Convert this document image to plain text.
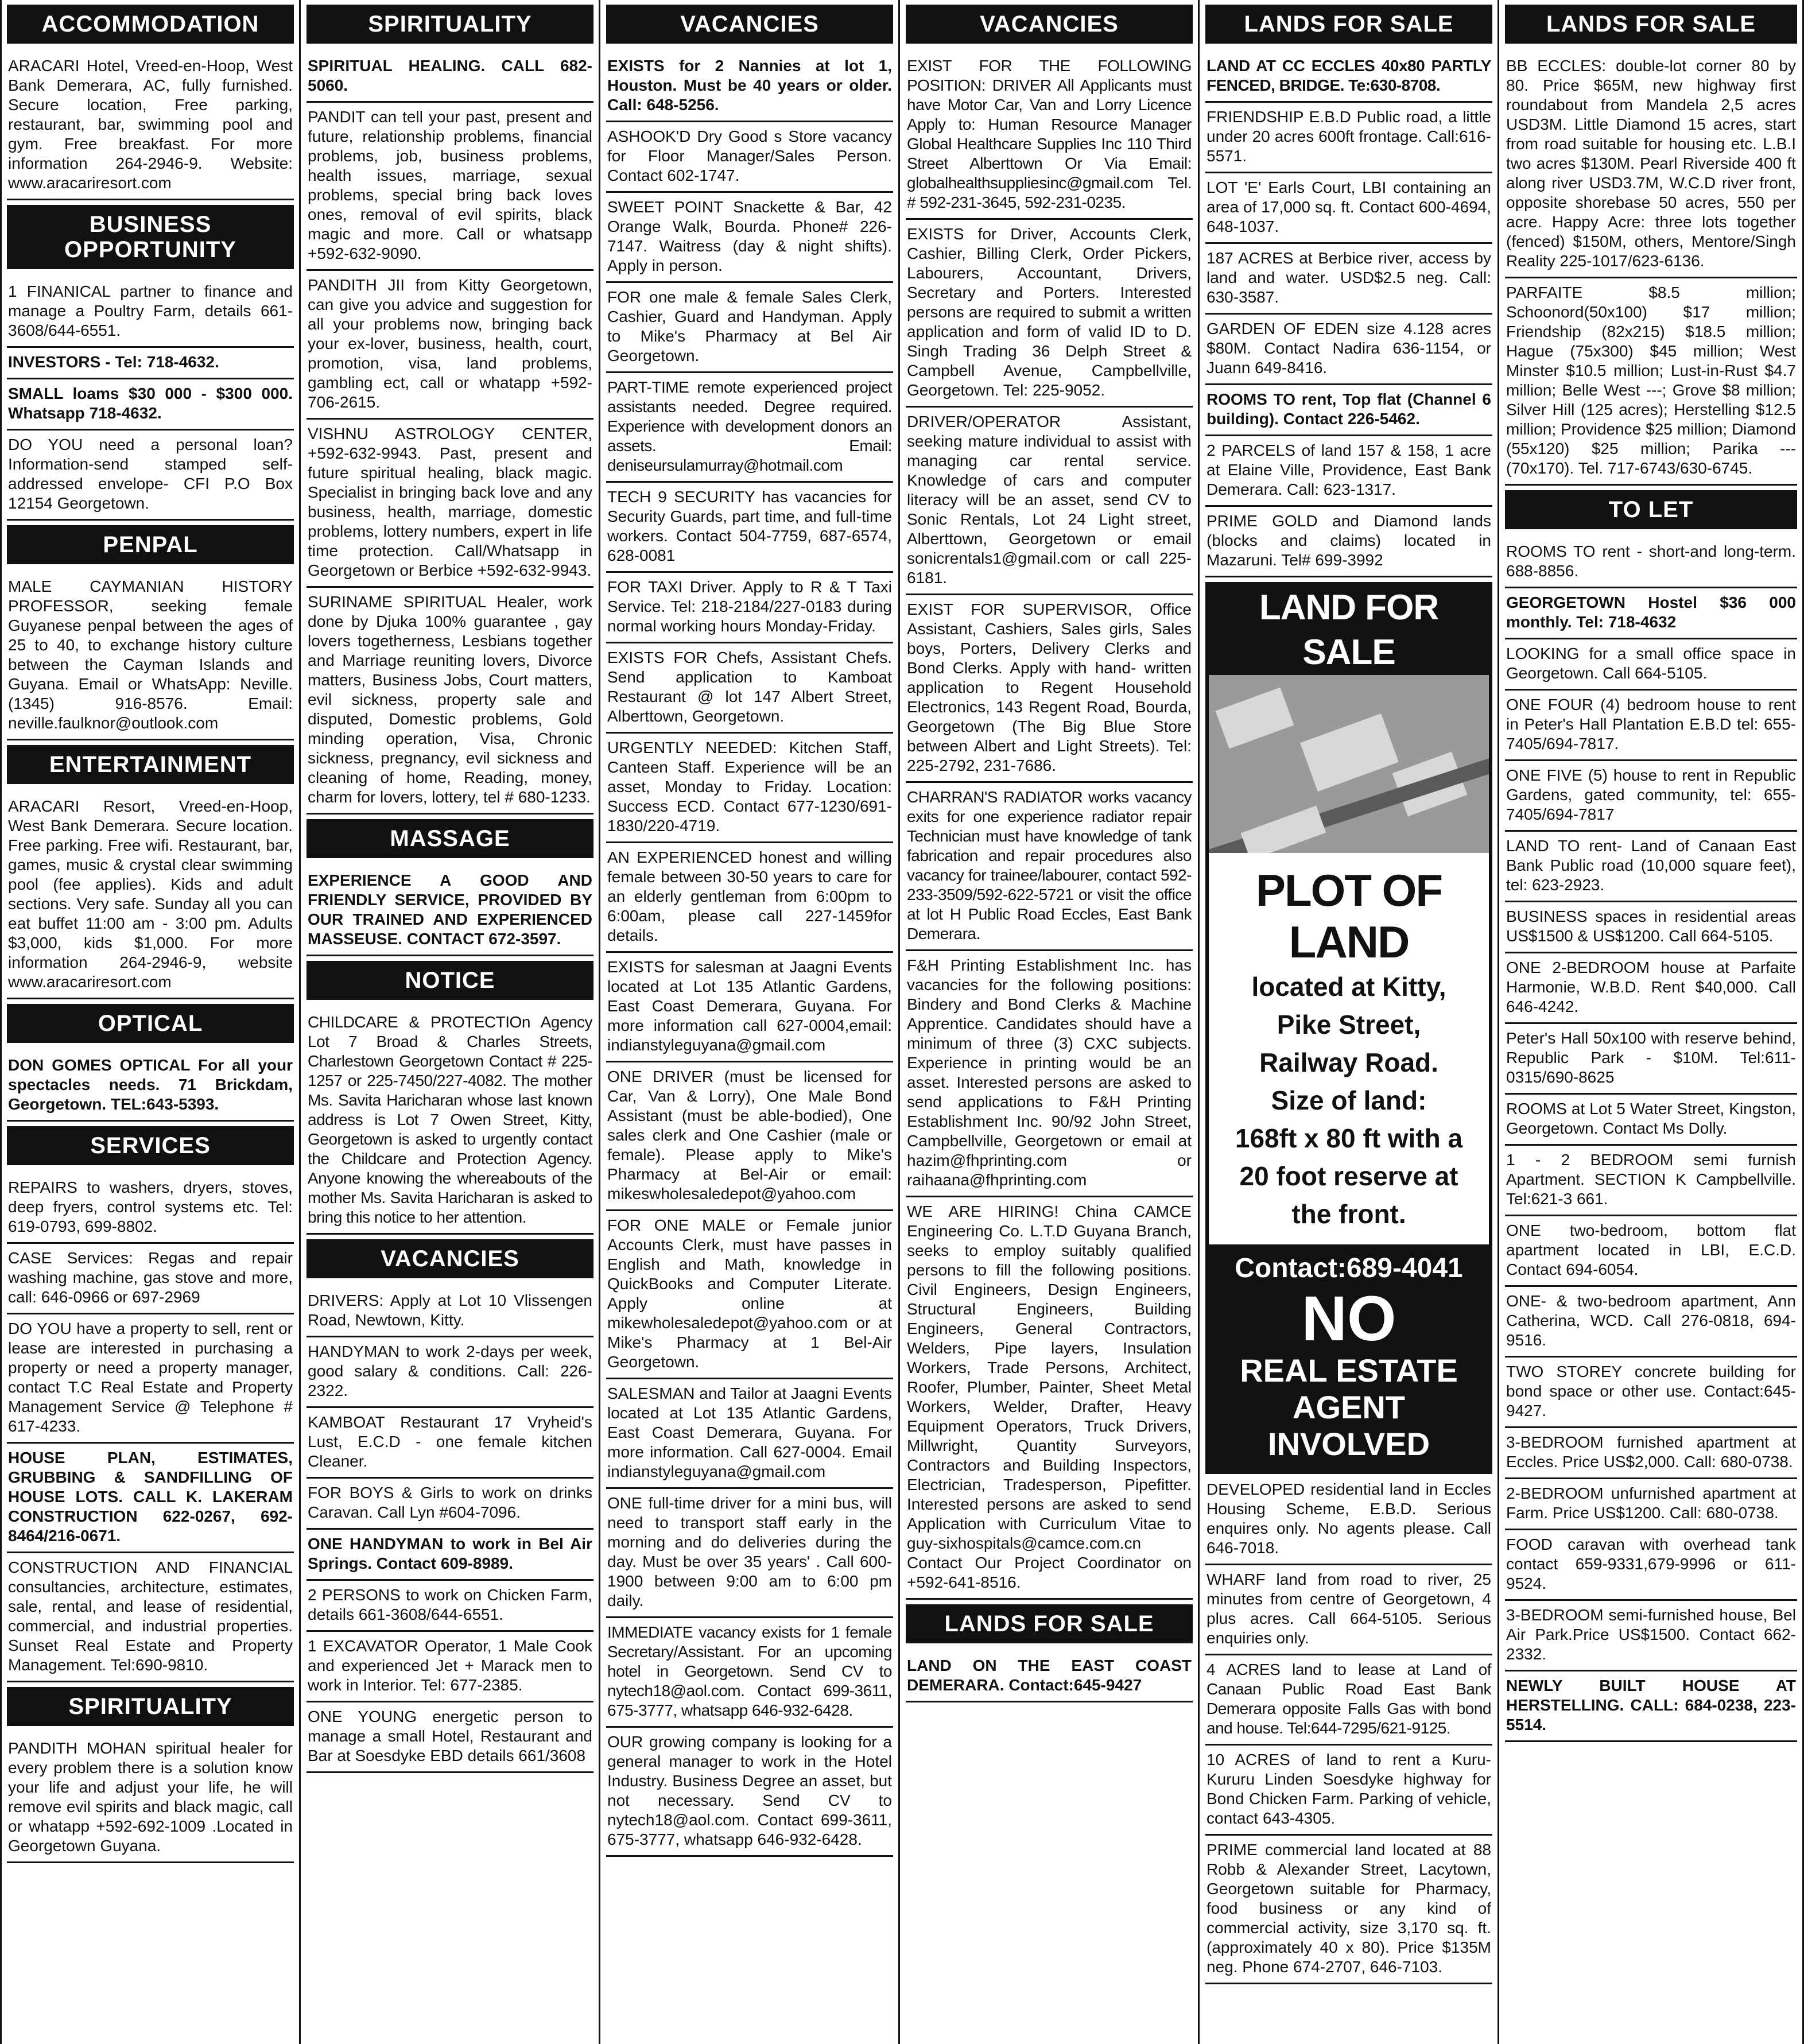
ACCOMMODATION
ARACARI Hotel, Vreed-en-Hoop, West Bank Demerara, AC, fully furnished. Secure location, Free parking, restaurant, bar, swimming pool and gym. Free breakfast. For more information 264-2946-9. Website: www.aracariresort.com
BUSINESS OPPORTUNITY
1 FINANICAL partner to finance and manage a Poultry Farm, details 661-3608/644-6551.
INVESTORS - Tel: 718-4632.
SMALL loams $30 000 - $300 000. Whatsapp 718-4632.
DO YOU need a personal loan? Information-send stamped self-addressed envelope- CFI P.O Box 12154 Georgetown.
PENPAL
MALE CAYMANIAN HISTORY PROFESSOR, seeking female Guyanese penpal between the ages of 25 to 40, to exchange history culture between the Cayman Islands and Guyana. Email or WhatsApp: Neville. (1345) 916-8576. Email: neville.faulknor@outlook.com
ENTERTAINMENT
ARACARI Resort, Vreed-en-Hoop, West Bank Demerara. Secure location. Free parking. Free wifi. Restaurant, bar, games, music & crystal clear swimming pool (fee applies). Kids and adult sections. Very safe. Sunday all you can eat buffet 11:00 am - 3:00 pm. Adults $3,000, kids $1,000. For more information 264-2946-9, website www.aracariresort.com
OPTICAL
DON GOMES OPTICAL For all your spectacles needs. 71 Brickdam, Georgetown. TEL:643-5393.
SERVICES
REPAIRS to washers, dryers, stoves, deep fryers, control systems etc. Tel: 619-0793, 699-8802.
CASE Services: Regas and repair washing machine, gas stove and more, call: 646-0966 or 697-2969
DO YOU have a property to sell, rent or lease are interested in purchasing a property or need a property manager, contact T.C Real Estate and Property Management Service @ Telephone # 617-4233.
HOUSE PLAN, ESTIMATES, GRUBBING & SANDFILLING OF HOUSE LOTS. CALL K. LAKERAM CONSTRUCTION 622-0267, 692-8464/216-0671.
CONSTRUCTION AND FINANCIAL consultancies, architecture, estimates, sale, rental, and lease of residential, commercial, and industrial properties. Sunset Real Estate and Property Management. Tel:690-9810.
SPIRITUALITY
PANDITH MOHAN spiritual healer for every problem there is a solution know your life and adjust your life, he will remove evil spirits and black magic, call or whatapp +592-692-1009 .Located in Georgetown Guyana.
SPIRITUALITY
SPIRITUAL HEALING. CALL 682-5060.
PANDIT can tell your past, present and future, relationship problems, financial problems, job, business problems, health issues, marriage, sexual problems, special bring back loves ones, removal of evil spirits, black magic and more. Call or whatsapp +592-632-9090.
PANDITH JII from Kitty Georgetown, can give you advice and suggestion for all your problems now, bringing back your ex-lover, business, health, court, promotion, visa, land problems, gambling ect, call or whatapp +592-706-2615.
VISHNU ASTROLOGY CENTER, +592-632-9943. Past, present and future spiritual healing, black magic. Specialist in bringing back love and any business, health, marriage, domestic problems, lottery numbers, expert in life time protection. Call/Whatsapp in Georgetown or Berbice +592-632-9943.
SURINAME SPIRITUAL Healer, work done by Djuka 100% guarantee , gay lovers togetherness, Lesbians together and Marriage reuniting lovers, Divorce matters, Business Jobs, Court matters, evil sickness, property sale and disputed, Domestic problems, Gold minding operation, Visa, Chronic sickness, pregnancy, evil sickness and cleaning of home, Reading, money, charm for lovers, lottery, tel # 680-1233.
MASSAGE
EXPERIENCE A GOOD AND FRIENDLY SERVICE, PROVIDED BY OUR TRAINED AND EXPERIENCED MASSEUSE. CONTACT 672-3597.
NOTICE
CHILDCARE & PROTECTIOn Agency Lot 7 Broad & Charles Streets, Charlestown Georgetown Contact # 225-1257 or 225-7450/227-4082. The mother Ms. Savita Haricharan whose last known address is Lot 7 Owen Street, Kitty, Georgetown is asked to urgently contact the Childcare and Protection Agency. Anyone knowing the whereabouts of the mother Ms. Savita Haricharan is asked to bring this notice to her attention.
VACANCIES
DRIVERS: Apply at Lot 10 Vlissengen Road, Newtown, Kitty.
HANDYMAN to work 2-days per week, good salary & conditions. Call: 226-2322.
KAMBOAT Restaurant 17 Vryheid's Lust, E.C.D - one female kitchen Cleaner.
FOR BOYS & Girls to work on drinks Caravan. Call Lyn #604-7096.
ONE HANDYMAN to work in Bel Air Springs. Contact 609-8989.
2 PERSONS to work on Chicken Farm, details 661-3608/644-6551.
1 EXCAVATOR Operator, 1 Male Cook and experienced Jet + Marack men to work in Interior. Tel: 677-2385.
ONE YOUNG energetic person to manage a small Hotel, Restaurant and Bar at Soesdyke EBD details 661/3608
VACANCIES
EXISTS for 2 Nannies at lot 1, Houston. Must be 40 years or older. Call: 648-5256.
ASHOOK'D Dry Good s Store vacancy for Floor Manager/Sales Person. Contact 602-1747.
SWEET POINT Snackette & Bar, 42 Orange Walk, Bourda. Phone# 226-7147. Waitress (day & night shifts). Apply in person.
FOR one male & female Sales Clerk, Cashier, Guard and Handyman. Apply to Mike's Pharmacy at Bel Air Georgetown.
PART-TIME remote experienced project assistants needed. Degree required. Experience with development donors an assets. Email: deniseursulamurray@hotmail.com
TECH 9 SECURITY has vacancies for Security Guards, part time, and full-time workers. Contact 504-7759, 687-6574, 628-0081
FOR TAXI Driver. Apply to R & T Taxi Service. Tel: 218-2184/227-0183 during normal working hours Monday-Friday.
EXISTS FOR Chefs, Assistant Chefs. Send application to Kamboat Restaurant @ lot 147 Albert Street, Alberttown, Georgetown.
URGENTLY NEEDED: Kitchen Staff, Canteen Staff. Experience will be an asset, Monday to Friday. Location: Success ECD. Contact 677-1230/691-1830/220-4719.
AN EXPERIENCED honest and willing female between 30-50 years to care for an elderly gentleman from 6:00pm to 6:00am, please call 227-1459for details.
EXISTS for salesman at Jaagni Events located at Lot 135 Atlantic Gardens, East Coast Demerara, Guyana. For more information call 627-0004,email: indianstyleguyana@gmail.com
ONE DRIVER (must be licensed for Car, Van & Lorry), One Male Bond Assistant (must be able-bodied), One sales clerk and One Cashier (male or female). Please apply to Mike's Pharmacy at Bel-Air or email: mikeswholesaledepot@yahoo.com
FOR ONE MALE or Female junior Accounts Clerk, must have passes in English and Math, knowledge in QuickBooks and Computer Literate. Apply online at mikewholesaledepot@yahoo.com or at Mike's Pharmacy at 1 Bel-Air Georgetown.
SALESMAN and Tailor at Jaagni Events located at Lot 135 Atlantic Gardens, East Coast Demerara, Guyana. For more information. Call 627-0004. Email indianstyleguyana@gmail.com
ONE full-time driver for a mini bus, will need to transport staff early in the morning and do deliveries during the day. Must be over 35 years' . Call 600-1900 between 9:00 am to 6:00 pm daily.
IMMEDIATE vacancy exists for 1 female Secretary/Assistant. For an upcoming hotel in Georgetown. Send CV to nytech18@aol.com. Contact 699-3611, 675-3777, whatsapp 646-932-6428.
OUR growing company is looking for a general manager to work in the Hotel Industry. Business Degree an asset, but not necessary. Send CV to nytech18@aol.com. Contact 699-3611, 675-3777, whatsapp 646-932-6428.
VACANCIES
EXIST FOR THE FOLLOWING POSITION: DRIVER All Applicants must have Motor Car, Van and Lorry Licence Apply to: Human Resource Manager Global Healthcare Supplies Inc 110 Third Street Alberttown Or Via Email: globalhealthsuppliesinc@gmail.com Tel. # 592-231-3645, 592-231-0235.
EXISTS for Driver, Accounts Clerk, Cashier, Billing Clerk, Order Pickers, Labourers, Accountant, Drivers, Secretary and Porters. Interested persons are required to submit a written application and form of valid ID to D. Singh Trading 36 Delph Street & Campbell Avenue, Campbellville, Georgetown. Tel: 225-9052.
DRIVER/OPERATOR Assistant, seeking mature individual to assist with managing car rental service. Knowledge of cars and computer literacy will be an asset, send CV to Sonic Rentals, Lot 24 Light street, Alberttown, Georgetown or email sonicrentals1@gmail.com or call 225-6181.
EXIST FOR SUPERVISOR, Office Assistant, Cashiers, Sales girls, Sales boys, Porters, Delivery Clerks and Bond Clerks. Apply with hand- written application to Regent Household Electronics, 143 Regent Road, Bourda, Georgetown (The Big Blue Store between Albert and Light Streets). Tel: 225-2792, 231-7686.
CHARRAN'S RADIATOR works vacancy exits for one experience radiator repair Technician must have knowledge of tank fabrication and repair procedures also vacancy for trainee/labourer, contact 592-233-3509/592-622-5721 or visit the office at lot H Public Road Eccles, East Bank Demerara.
F&H Printing Establishment Inc. has vacancies for the following positions: Bindery and Bond Clerks & Machine Apprentice. Candidates should have a minimum of three (3) CXC subjects. Experience in printing would be an asset. Interested persons are asked to send applications to F&H Printing Establishment Inc. 90/92 John Street, Campbellville, Georgetown or email at hazim@fhprinting.com or raihaana@fhprinting.com
WE ARE HIRING! China CAMCE Engineering Co. L.T.D Guyana Branch, seeks to employ suitably qualified persons to fill the following positions. Civil Engineers, Design Engineers, Structural Engineers, Building Engineers, General Contractors, Welders, Pipe layers, Insulation Workers, Trade Persons, Architect, Roofer, Plumber, Painter, Sheet Metal Workers, Welder, Drafter, Heavy Equipment Operators, Truck Drivers, Millwright, Quantity Surveyors, Contractors and Building Inspectors, Electrician, Tradesperson, Pipefitter. Interested persons are asked to send Application with Curriculum Vitae to guy-sixhospitals@camce.com.cn Contact Our Project Coordinator on +592-641-8516.
LANDS FOR SALE
LAND ON THE EAST COAST DEMERARA. Contact:645-9427
LANDS FOR SALE
LAND AT CC ECCLES 40x80 PARTLY FENCED, BRIDGE. Te:630-8708.
FRIENDSHIP E.B.D Public road, a little under 20 acres 600ft frontage. Call:616-5571.
LOT 'E' Earls Court, LBI containing an area of 17,000 sq. ft. Contact 600-4694, 648-1037.
187 ACRES at Berbice river, access by land and water. USD$2.5 neg. Call: 630-3587.
GARDEN OF EDEN size 4.128 acres $80M. Contact Nadira 636-1154, or Juann 649-8416.
ROOMS TO rent, Top flat (Channel 6 building). Contact 226-5462.
2 PARCELS of land 157 & 158, 1 acre at Elaine Ville, Providence, East Bank Demerara. Call: 623-1317.
PRIME GOLD and Diamond lands (blocks and claims) located in Mazaruni. Tel# 699-3992
LAND FOR SALE
PLOT OF LAND
located at Kitty,
Pike Street,
Railway Road.
Size of land:
168ft x 80 ft with a
20 foot reserve at
the front.
Contact:689-4041
NO
REAL ESTATE
AGENT INVOLVED
DEVELOPED residential land in Eccles Housing Scheme, E.B.D. Serious enquires only. No agents please. Call 646-7018.
WHARF land from road to river, 25 minutes from centre of Georgetown, 4 plus acres. Call 664-5105. Serious enquiries only.
4 ACRES land to lease at Land of Canaan Public Road East Bank Demerara opposite Falls Gas with bond and house. Tel:644-7295/621-9125.
10 ACRES of land to rent a Kuru-Kururu Linden Soesdyke highway for Bond Chicken Farm. Parking of vehicle, contact 643-4305.
PRIME commercial land located at 88 Robb & Alexander Street, Lacytown, Georgetown suitable for Pharmacy, food business or any kind of commercial activity, size 3,170 sq. ft. (approximately 40 x 80). Price $135M neg. Phone 674-2707, 646-7103.
LANDS FOR SALE
BB ECCLES: double-lot corner 80 by 80. Price $65M, new highway first roundabout from Mandela 2,5 acres USD3M. Little Diamond 15 acres, start from road suitable for housing etc. L.B.I two acres $130M. Pearl Riverside 400 ft along river USD3.7M, W.C.D river front, opposite shorebase 50 acres, 550 per acre. Happy Acre: three lots together (fenced) $150M, others, Mentore/Singh Reality 225-1017/623-6136.
PARFAITE $8.5 million; Schoonord(50x100) $17 million; Friendship (82x215) $18.5 million; Hague (75x300) $45 million; West Minster $10.5 million; Lust-in-Rust $4.7 million; Belle West ---; Grove $8 million; Silver Hill (125 acres); Herstelling $12.5 million; Providence $25 million; Diamond (55x120) $25 million; Parika --- (70x170). Tel. 717-6743/630-6745.
TO LET
ROOMS TO rent - short-and long-term. 688-8856.
GEORGETOWN Hostel $36 000 monthly. Tel: 718-4632
LOOKING for a small office space in Georgetown. Call 664-5105.
ONE FOUR (4) bedroom house to rent in Peter's Hall Plantation E.B.D tel: 655-7405/694-7817.
ONE FIVE (5) house to rent in Republic Gardens, gated community, tel: 655-7405/694-7817
LAND TO rent- Land of Canaan East Bank Public road (10,000 square feet), tel: 623-2923.
BUSINESS spaces in residential areas US$1500 & US$1200. Call 664-5105.
ONE 2-BEDROOM house at Parfaite Harmonie, W.B.D. Rent $40,000. Call 646-4242.
Peter's Hall 50x100 with reserve behind, Republic Park - $10M. Tel:611-0315/690-8625
ROOMS at Lot 5 Water Street, Kingston, Georgetown. Contact Ms Dolly.
1 - 2 BEDROOM semi furnish Apartment. SECTION K Campbellville. Tel:621-3 661.
ONE two-bedroom, bottom flat apartment located in LBI, E.C.D. Contact 694-6054.
ONE- & two-bedroom apartment, Ann Catherina, WCD. Call 276-0818, 694-9516.
TWO STOREY concrete building for bond space or other use. Contact:645-9427.
3-BEDROOM furnished apartment at Eccles. Price US$2,000. Call: 680-0738.
2-BEDROOM unfurnished apartment at Farm. Price US$1200. Call: 680-0738.
FOOD caravan with overhead tank contact 659-9331,679-9996 or 611-9524.
3-BEDROOM semi-furnished house, Bel Air Park.Price US$1500. Contact 662-2332.
NEWLY BUILT HOUSE AT HERSTELLING. CALL: 684-0238, 223-5514.
